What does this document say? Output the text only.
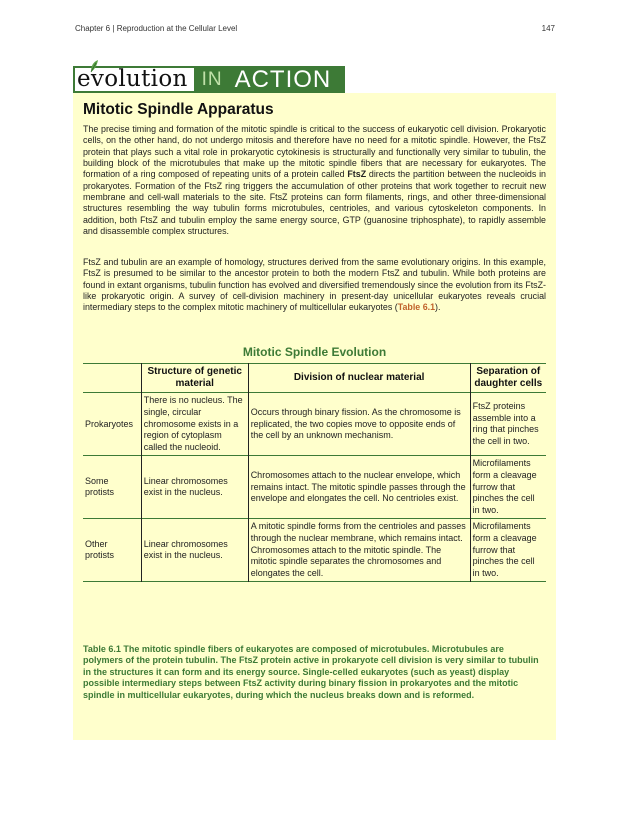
Chapter 6 | Reproduction at the Cellular Level	147
evolution IN ACTION
Mitotic Spindle Apparatus

The precise timing and formation of the mitotic spindle is critical to the success of eukaryotic cell division. Prokaryotic cells, on the other hand, do not undergo mitosis and therefore have no need for a mitotic spindle. However, the FtsZ protein that plays such a vital role in prokaryotic cytokinesis is structurally and functionally very similar to tubulin, the building block of the microtubules that make up the mitotic spindle fibers that are necessary for eukaryotes. The formation of a ring composed of repeating units of a protein called FtsZ directs the partition between the nucleoids in prokaryotes. Formation of the FtsZ ring triggers the accumulation of other proteins that work together to recruit new membrane and cell-wall materials to the site. FtsZ proteins can form filaments, rings, and other three-dimensional structures resembling the way tubulin forms microtubules, centrioles, and various cytoskeleton components. In addition, both FtsZ and tubulin employ the same energy source, GTP (guanosine triphosphate), to rapidly assemble and disassemble complex structures.

FtsZ and tubulin are an example of homology, structures derived from the same evolutionary origins. In this example, FtsZ is presumed to be similar to the ancestor protein to both the modern FtsZ and tubulin. While both proteins are found in extant organisms, tubulin function has evolved and diversified tremendously since the evolution from its FtsZ-like prokaryotic origin. A survey of cell-division machinery in present-day unicellular eukaryotes reveals crucial intermediary steps to the complex mitotic machinery of multicellular eukaryotes (Table 6.1).

Mitotic Spindle Evolution
	Structure of genetic material	Division of nuclear material	Separation of daughter cells
Prokaryotes	There is no nucleus. The single, circular chromosome exists in a region of cytoplasm called the nucleoid.	Occurs through binary fission. As the chromosome is replicated, the two copies move to opposite ends of the cell by an unknown mechanism.	FtsZ proteins assemble into a ring that pinches the cell in two.
Some protists	Linear chromosomes exist in the nucleus.	Chromosomes attach to the nuclear envelope, which remains intact. The mitotic spindle passes through the envelope and elongates the cell. No centrioles exist.	Microfilaments form a cleavage furrow that pinches the cell in two.
Other protists	Linear chromosomes exist in the nucleus.	A mitotic spindle forms from the centrioles and passes through the nuclear membrane, which remains intact. Chromosomes attach to the mitotic spindle. The mitotic spindle separates the chromosomes and elongates the cell.	Microfilaments form a cleavage furrow that pinches the cell in two.

Table 6.1 The mitotic spindle fibers of eukaryotes are composed of microtubules. Microtubules are polymers of the protein tubulin. The FtsZ protein active in prokaryote cell division is very similar to tubulin in the structures it can form and its energy source. Single-celled eukaryotes (such as yeast) display possible intermediary steps between FtsZ activity during binary fission in prokaryotes and the mitotic spindle in multicellular eukaryotes, during which the nucleus breaks down and is reformed.
